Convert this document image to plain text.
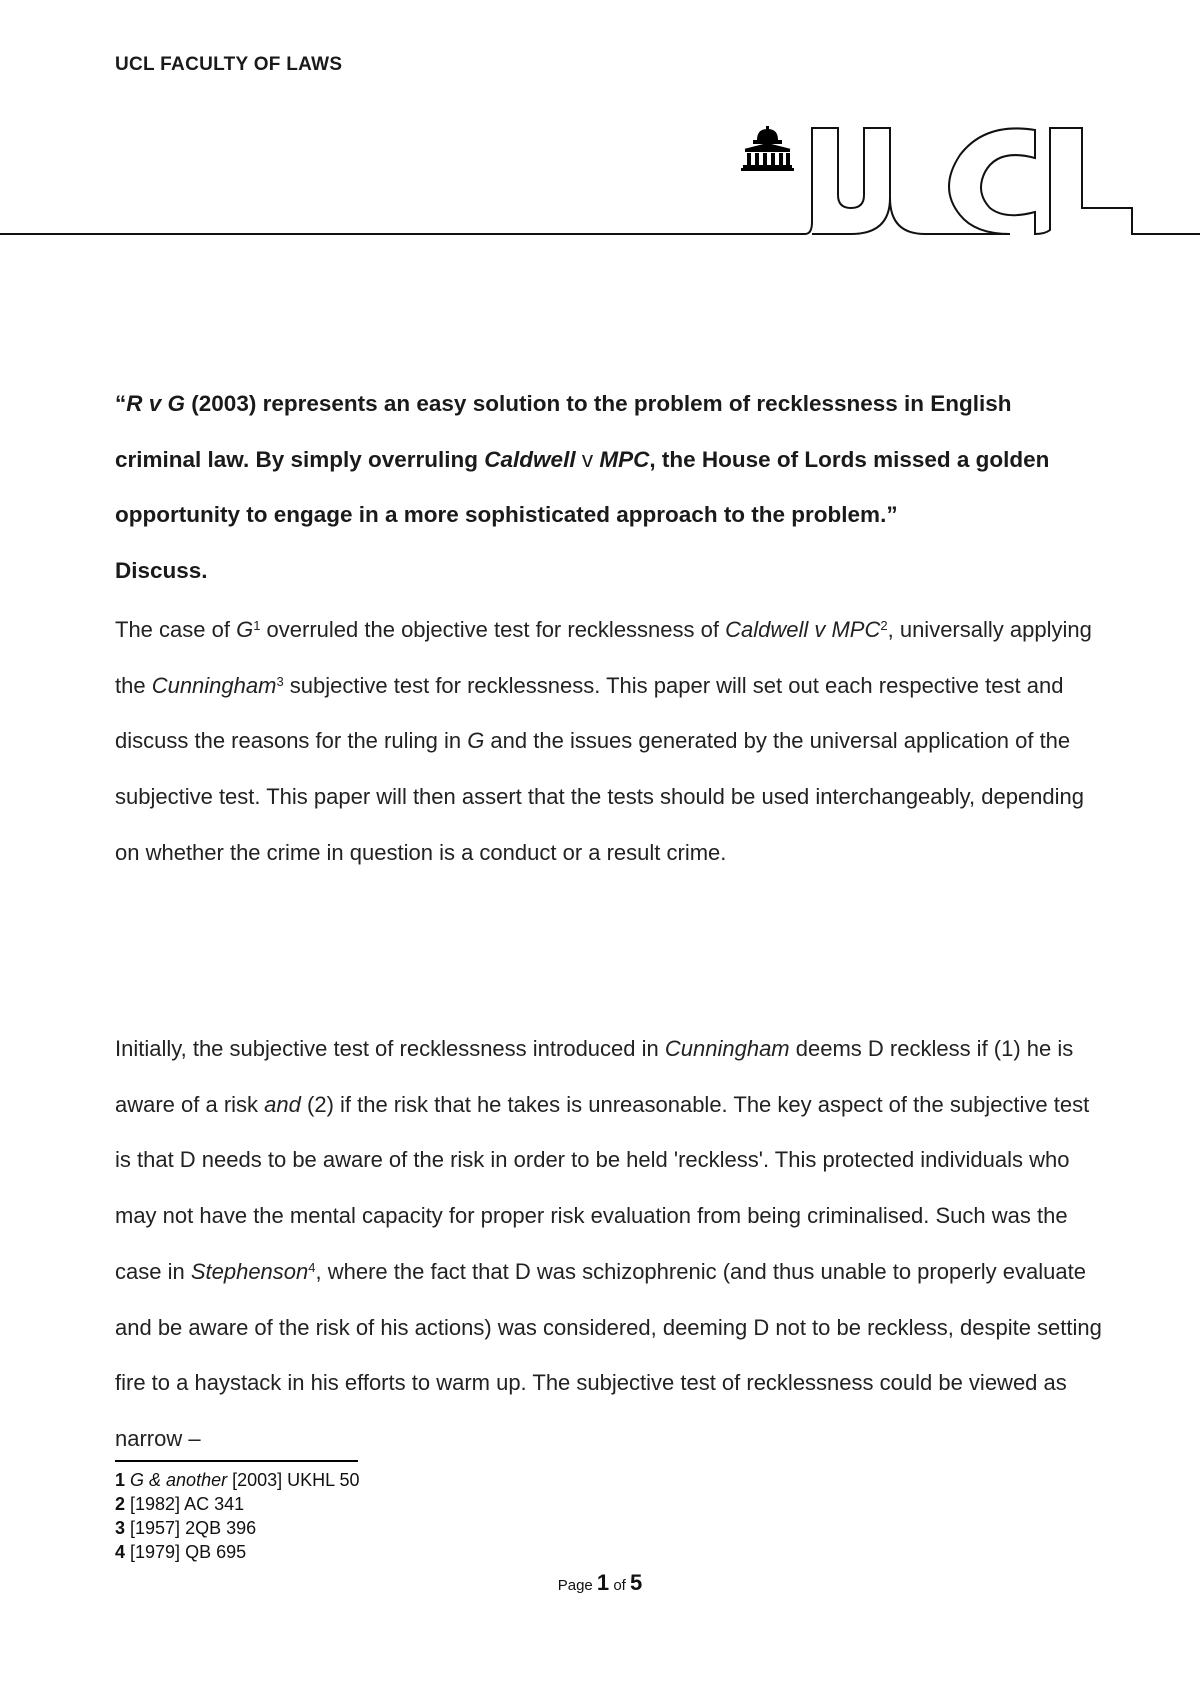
UCL FACULTY OF LAWS

“R v G (2003) represents an easy solution to the problem of recklessness in English criminal law. By simply overruling Caldwell v MPC, the House of Lords missed a golden opportunity to engage in a more sophisticated approach to the problem.”
Discuss.

The case of $G^1$ overruled the objective test for recklessness of Caldwell v MPC$^2$, universally applying the Cunningham$^3$ subjective test for recklessness. This paper will set out each respective test and discuss the reasons for the ruling in G and the issues generated by the universal application of the subjective test. This paper will then assert that the tests should be used interchangeably, depending on whether the crime in question is a conduct or a result crime.

Initially, the subjective test of recklessness introduced in Cunningham deems D reckless if (1) he is aware of a risk and (2) if the risk that he takes is unreasonable. The key aspect of the subjective test is that D needs to be aware of the risk in order to be held 'reckless'. This protected individuals who may not have the mental capacity for proper risk evaluation from being criminalised. Such was the case in Stephenson$^4$, where the fact that D was schizophrenic (and thus unable to properly evaluate and be aware of the risk of his actions) was considered, deeming D not to be reckless, despite setting fire to a haystack in his efforts to warm up. The subjective test of recklessness could be viewed as narrow –

1 G & another [2003] UKHL 50
2 [1982] AC 341
3 [1957] 2QB 396
4 [1979] QB 695
Page 1 of 5
